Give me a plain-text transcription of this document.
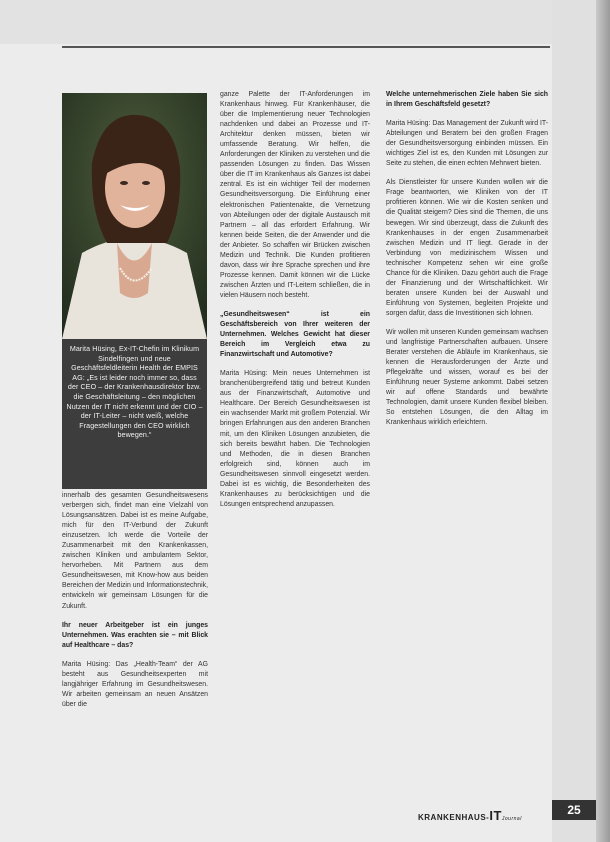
Marita Hüsing, Ex-IT-Chefin im Klinikum Sindelfingen und neue Geschäftsfeldleiterin Health der EMPIS AG: „Es ist leider noch immer so, dass der CEO – der Krankenhausdirektor bzw. die Geschäftsleitung – den möglichen Nutzen der IT nicht erkennt und der CIO – der IT-Leiter – nicht weiß, welche Fragestellungen den CEO wirklich bewegen.“

innerhalb des gesamten Gesundheitswesens verbergen sich, findet man eine Vielzahl von Lösungsansätzen. Dabei ist es meine Aufgabe, mich für den IT-Verbund der Zukunft einzusetzen. Ich werde die Vorteile der Zusammenarbeit mit den Krankenkassen, zwischen Kliniken und ambulantem Sektor, hervorheben. Mit Partnern aus dem Gesundheitswesen, mit Know-how aus beiden Bereichen der Medizin und Informationstechnik, entwickeln wir gemeinsam Lösungen für die Zukunft.

Ihr neuer Arbeitgeber ist ein junges Unternehmen. Was erachten sie – mit Blick auf Healthcare – das?

Marita Hüsing: Das „Health-Team“ der AG besteht aus Gesundheitsexperten mit langjähriger Erfahrung im Gesundheitswesen. Wir arbeiten gemeinsam an neuen Ansätzen über die

ganze Palette der IT-Anforderungen im Krankenhaus hinweg. Für Krankenhäuser, die über die Implementierung neuer Technologien nachdenken und dabei an Prozesse und IT-Architektur denken müssen, bieten wir umfassende Beratung. Wir helfen, die Anforderungen der Kliniken zu verstehen und die passenden Lösungen zu finden. Das Wissen über die IT im Krankenhaus als Ganzes ist dabei zentral. Es ist ein wichtiger Teil der modernen Gesundheitsversorgung. Die Einführung einer elektronischen Patientenakte, die Vernetzung von Abteilungen oder der digitale Austausch mit Partnern – all das erfordert Erfahrung. Wir kennen beide Seiten, die der Anwender und die der Anbieter. So schaffen wir Brücken zwischen Medizin und Technik. Die Kunden profitieren davon, dass wir ihre Sprache sprechen und ihre Prozesse kennen. Damit können wir die Lücke zwischen Ärzten und IT-Leitern schließen, die in vielen Häusern noch besteht.

„Gesundheitswesen“ ist ein Geschäftsbereich von Ihrer weiteren der Unternehmen. Welches Gewicht hat dieser Bereich im Vergleich etwa zu Finanzwirtschaft und Automotive?

Marita Hüsing: Mein neues Unternehmen ist branchenübergreifend tätig und betreut Kunden aus der Finanzwirtschaft, Automotive und Healthcare. Der Bereich Gesundheitswesen ist ein wachsender Markt mit großem Potenzial. Wir bringen Erfahrungen aus den anderen Branchen mit, um den Kliniken Lösungen anzubieten, die sich bereits bewährt haben. Die Technologien und Methoden, die in diesen Branchen erfolgreich sind, können auch im Gesundheitswesen sinnvoll eingesetzt werden. Dabei ist es wichtig, die Besonderheiten des Krankenhauses zu berücksichtigen und die Lösungen entsprechend anzupassen.

Welche unternehmerischen Ziele haben Sie sich in Ihrem Geschäftsfeld gesetzt?

Marita Hüsing: Das Management der Zukunft wird IT-Abteilungen und Beratern bei den großen Fragen der Gesundheitsversorgung einbinden müssen. Ein wichtiges Ziel ist es, den Kunden mit Lösungen zur Seite zu stehen, die einen echten Mehrwert bieten.

Als Dienstleister für unsere Kunden wollen wir die Frage beantworten, wie Kliniken von der IT profitieren können. Wie wir die Kosten senken und die Qualität steigern? Dies sind die Themen, die uns bewegen. Wir sind überzeugt, dass die Zukunft des Krankenhauses in der engen Zusammenarbeit zwischen Medizin und IT liegt. Gerade in der Verbindung von medizinischem Wissen und technischer Kompetenz sehen wir eine große Chance für die Kliniken. Dazu gehört auch die Frage der Finanzierung und der Wirtschaftlichkeit. Wir beraten unsere Kunden bei der Auswahl und Einführung von Systemen, begleiten Projekte und sorgen dafür, dass die Investitionen sich lohnen.

Wir wollen mit unseren Kunden gemeinsam wachsen und langfristige Partnerschaften aufbauen. Unsere Berater verstehen die Abläufe im Krankenhaus, sie kennen die Herausforderungen der Ärzte und Pflegekräfte und wissen, worauf es bei der Einführung neuer Systeme ankommt. Dabei setzen wir auf offene Standards und bewährte Technologien, damit unsere Kunden flexibel bleiben. So entstehen Lösungen, die den Alltag im Krankenhaus wirklich erleichtern.

KRANKENHAUS-ITJournal
25
